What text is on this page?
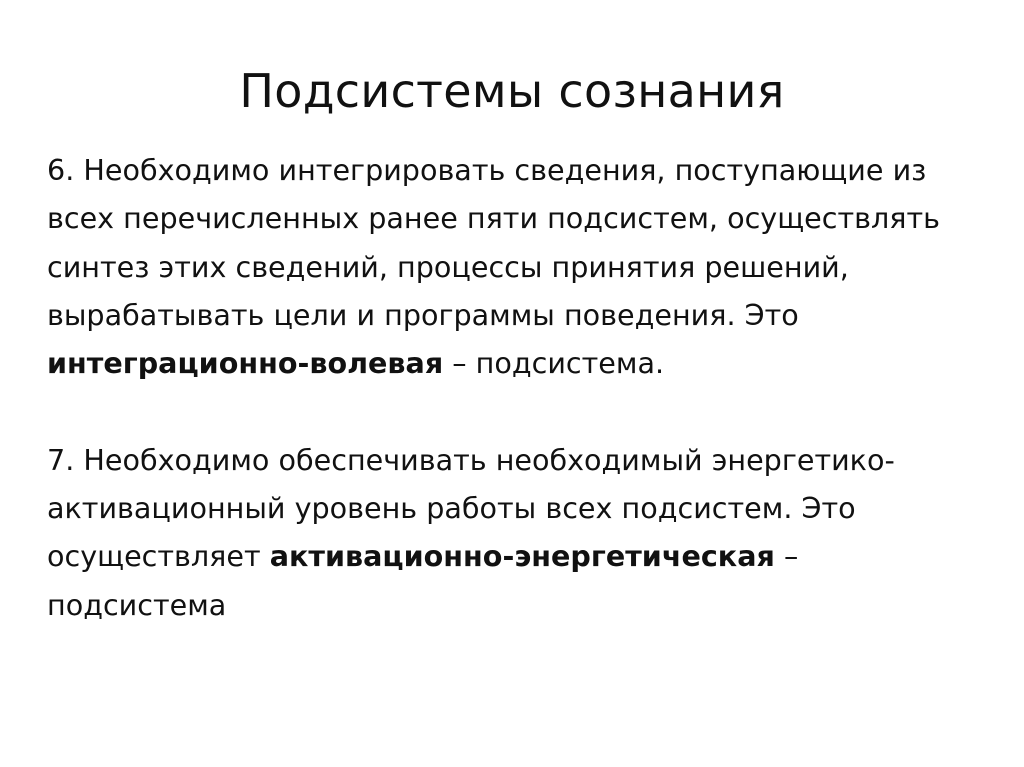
Подсистемы сознания

6. Необходимо интегрировать сведения, поступающие из всех перечисленных ранее пяти подсистем, осуществлять синтез этих сведений, процессы принятия решений, вырабатывать цели и программы поведения. Это интеграционно-волевая – подсистема.

7. Необходимо обеспечивать необходимый энергетико-активационный уровень работы всех подсистем. Это осуществляет активационно-энергетическая – подсистема
